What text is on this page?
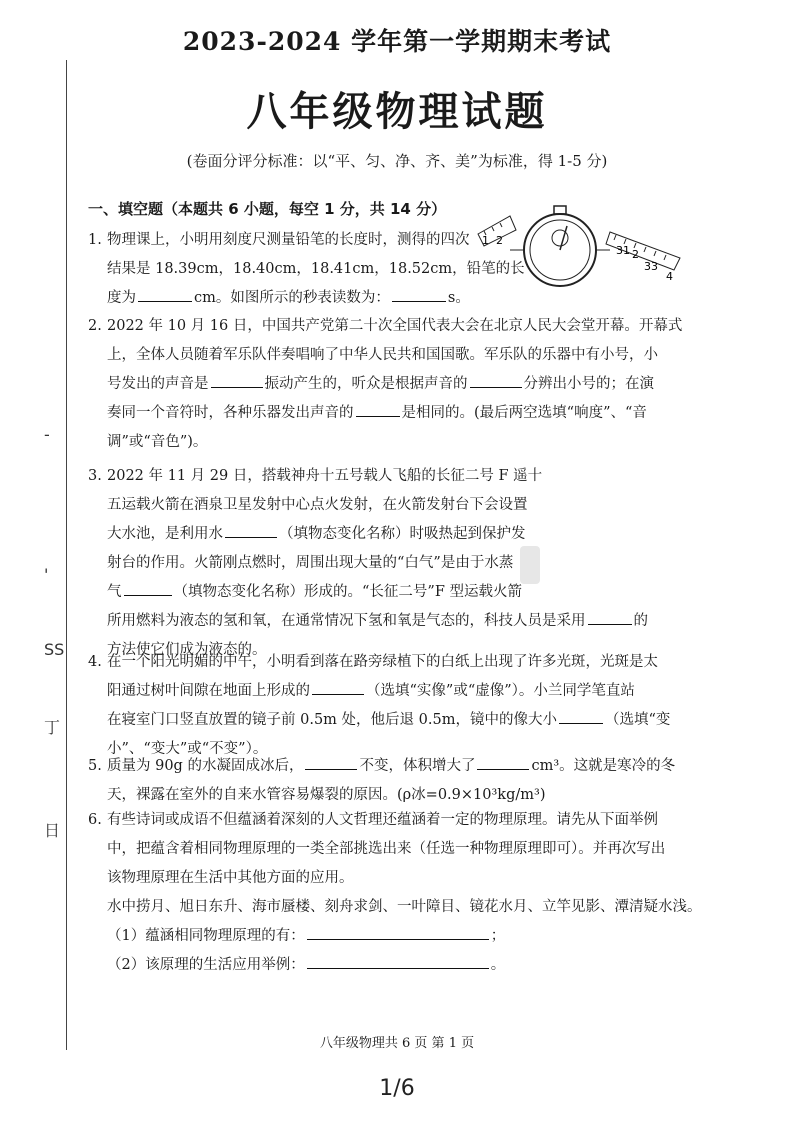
-
'
SS
丁
日
2023-2024 学年第一学期期末考试
八年级物理试题
(卷面分评分标准：以“平、匀、净、齐、美”为标准，得 1-5 分)
一、填空题（本题共 6 小题，每空 1 分，共 14 分）
1 2
31 2
33
4
1. 物理课上，小明用刻度尺测量铅笔的长度时，测得的四次
结果是 18.39cm，18.40cm，18.41cm，18.52cm，铅笔的长
度为	cm。如图所示的秒表读数为：	s。
2. 2022 年 10 月 16 日，中国共产党第二十次全国代表大会在北京人民大会堂开幕。开幕式
上，全体人员随着军乐队伴奏唱响了中华人民共和国国歌。军乐队的乐器中有小号，小
号发出的声音是	振动产生的，听众是根据声音的	分辨出小号的；在演
奏同一个音符时，各种乐器发出声音的	是相同的。(最后两空选填“响度”、“音
调”或“音色”)。
3. 2022 年 11 月 29 日，搭载神舟十五号载人飞船的长征二号 F 遥十
五运载火箭在酒泉卫星发射中心点火发射，在火箭发射台下会设置
大水池，是利用水	（填物态变化名称）时吸热起到保护发
射台的作用。火箭刚点燃时，周围出现大量的“白气”是由于水蒸
气	（填物态变化名称）形成的。“长征二号”F 型运载火箭
所用燃料为液态的氢和氧，在通常情况下氢和氧是气态的，科技人员是采用	的
方法使它们成为液态的。
4. 在一个阳光明媚的中午，小明看到落在路旁绿植下的白纸上出现了许多光斑，光斑是太
阳通过树叶间隙在地面上形成的	（选填“实像”或“虚像”）。小兰同学笔直站
在寝室门口竖直放置的镜子前 0.5m 处，他后退 0.5m，镜中的像大小	（选填“变
小”、“变大”或“不变”）。
5. 质量为 90g 的水凝固成冰后，	不变，体积增大了	cm³。这就是寒冷的冬
天，裸露在室外的自来水管容易爆裂的原因。(ρ冰=0.9×10³kg/m³)
6. 有些诗词或成语不但蕴涵着深刻的人文哲理还蕴涵着一定的物理原理。请先从下面举例
中，把蕴含着相同物理原理的一类全部挑选出来（任选一种物理原理即可）。并再次写出
该物理原理在生活中其他方面的应用。
水中捞月、旭日东升、海市蜃楼、刻舟求剑、一叶障目、镜花水月、立竿见影、潭清疑水浅。
（1）蕴涵相同物理原理的有：	；
（2）该原理的生活应用举例：	。
八年级物理共 6 页 第 1 页
1/6
